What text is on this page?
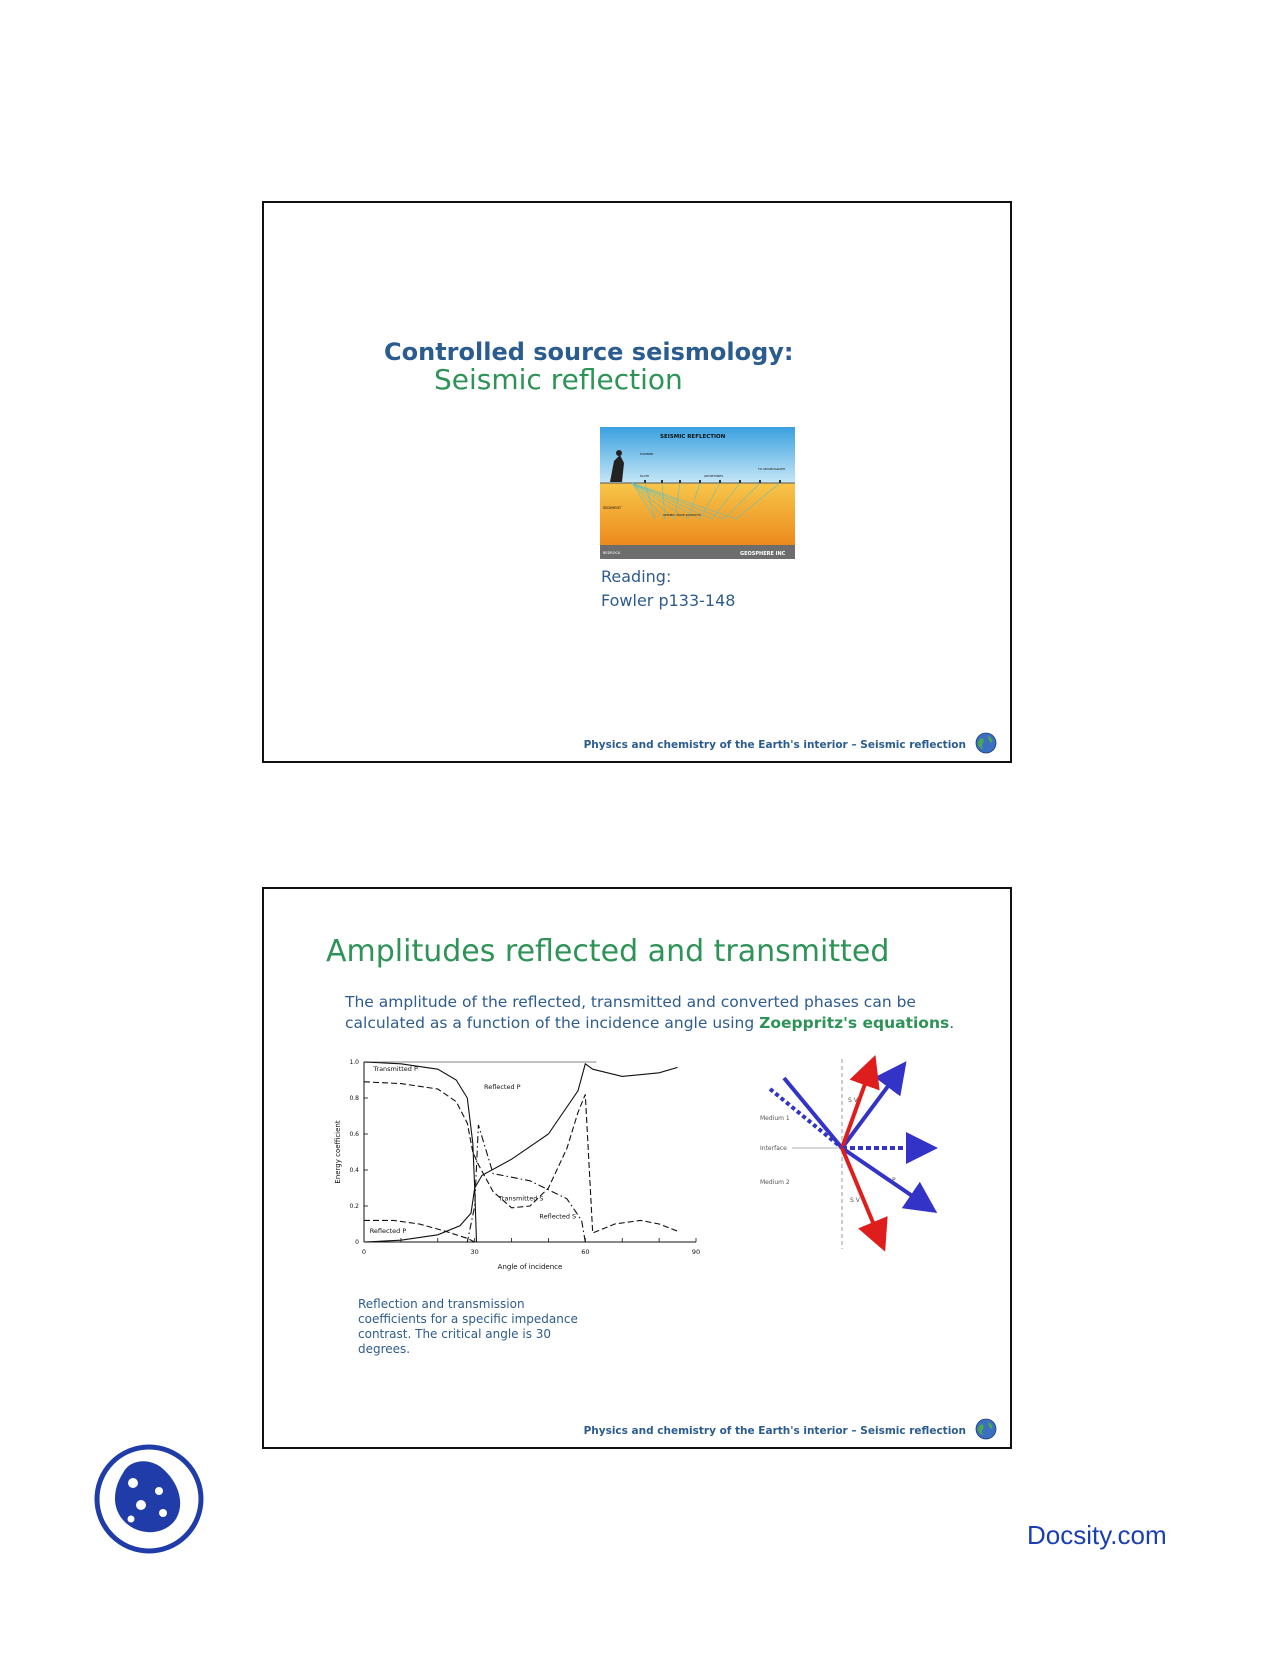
Controlled source seismology:
Seismic reflection
SEISMIC REFLECTION
HAMMER
PLATE	GEOPHONES
TO SEISMOGRAPH
SEDIMENT
SEISMIC WAVE RAYPATHS
BEDROCK	GEOSPHERE INC
Reading:
Fowler p133-148
Physics and chemistry of the Earth's interior – Seismic reflection
Amplitudes reflected and transmitted
The amplitude of the reflected, transmitted and converted phases can be calculated as a function of the incidence angle using Zoeppritz's equations.
0
0.2
0.4
0.6
0.8
1.0
0	30	60	90
Angle of incidence
Energy coefficient
Transmitted P
Reflected P
Transmitted S
Reflected S
Reflected P
Medium 1
Interface
Medium 2
S V
S V
P
Reflection and transmission coefficients for a specific impedance contrast. The critical angle is 30 degrees.
Physics and chemistry of the Earth's interior – Seismic reflection
Docsity.com
